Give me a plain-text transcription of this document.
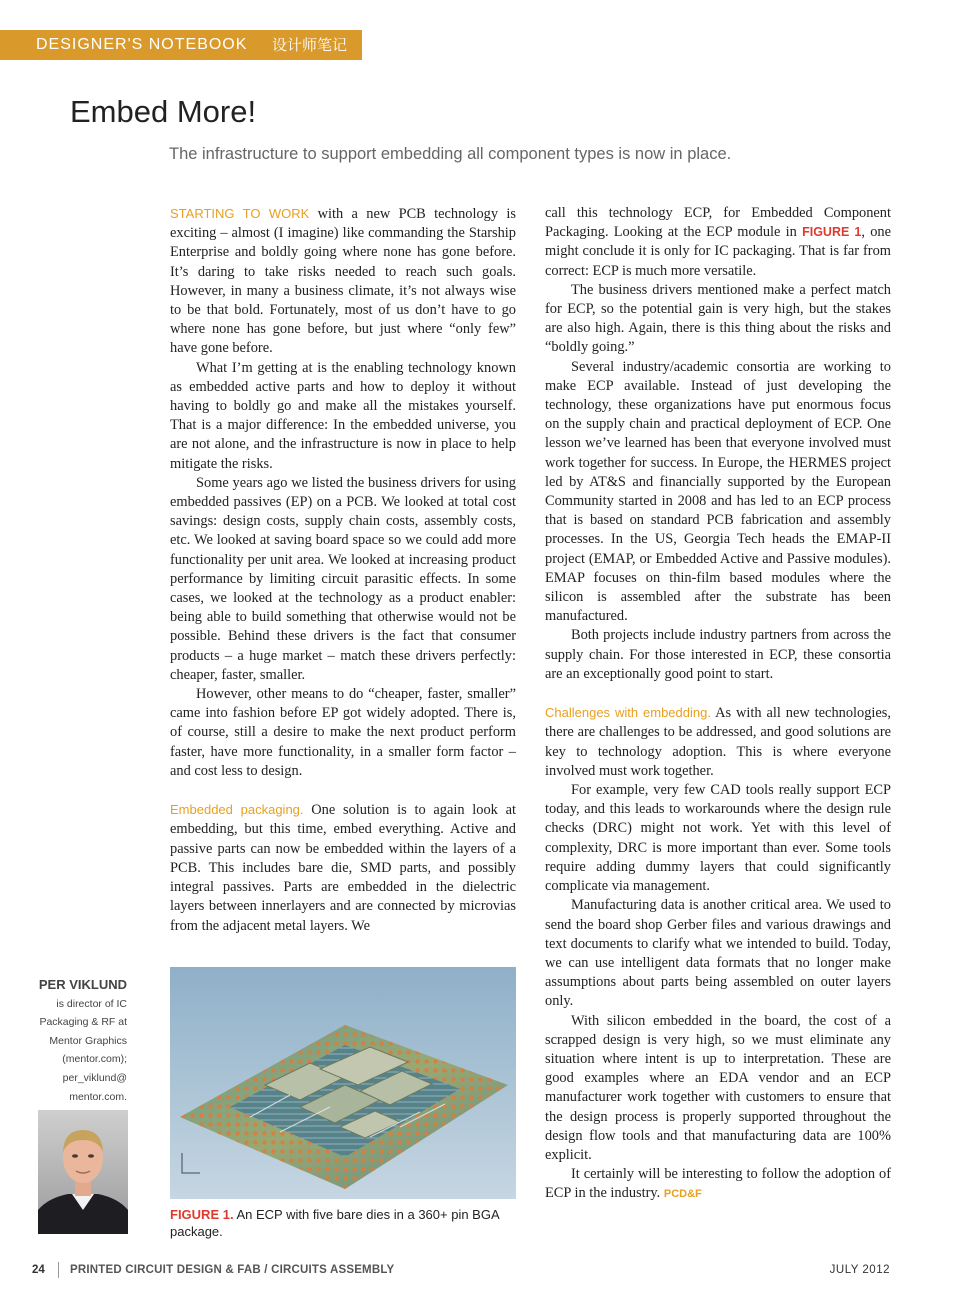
DESIGNER'S NOTEBOOK 设计师笔记
Embed More!
The infrastructure to support embedding all component types is now in place.

STARTING TO WORK with a new PCB technology is exciting – almost (I imagine) like commanding the Starship Enterprise and boldly going where none has gone before. It’s daring to take risks needed to reach such goals. However, in many a business climate, it’s not always wise to be that bold. Fortunately, most of us don’t have to go where none has gone before, but just where “only few” have gone before.

What I’m getting at is the enabling technology known as embedded active parts and how to deploy it without having to boldly go and make all the mistakes yourself. That is a major difference: In the embedded universe, you are not alone, and the infrastructure is now in place to help mitigate the risks.

Some years ago we listed the business drivers for using embedded passives (EP) on a PCB. We looked at total cost savings: design costs, supply chain costs, assembly costs, etc. We looked at saving board space so we could add more functionality per unit area. We looked at increasing product performance by limiting circuit parasitic effects. In some cases, we looked at the technology as a product enabler: being able to build something that otherwise would not be possible. Behind these drivers is the fact that consumer products – a huge market – match these drivers perfectly: cheaper, faster, smaller.

However, other means to do “cheaper, faster, smaller” came into fashion before EP got widely adopted. There is, of course, still a desire to make the next product perform faster, have more functionality, in a smaller form factor – and cost less to design.

Embedded packaging. One solution is to again look at embedding, but this time, embed everything. Active and passive parts can now be embedded within the layers of a PCB. This includes bare die, SMD parts, and possibly integral passives. Parts are embedded in the dielectric layers between innerlayers and are connected by microvias from the adjacent metal layers. We

call this technology ECP, for Embedded Component Packaging. Looking at the ECP module in FIGURE 1, one might conclude it is only for IC packaging. That is far from correct: ECP is much more versatile.

The business drivers mentioned make a perfect match for ECP, so the potential gain is very high, but the stakes are also high. Again, there is this thing about the risks and “boldly going.”

Several industry/academic consortia are working to make ECP available. Instead of just developing the technology, these organizations have put enormous focus on the supply chain and practical deployment of ECP. One lesson we’ve learned has been that everyone involved must work together for success. In Europe, the HERMES project led by AT&S and financially supported by the European Community started in 2008 and has led to an ECP process that is based on standard PCB fabrication and assembly processes. In the US, Georgia Tech heads the EMAP-II project (EMAP, or Embedded Active and Passive modules). EMAP focuses on thin-film based modules where the silicon is assembled after the substrate has been manufactured.

Both projects include industry partners from across the supply chain. For those interested in ECP, these consortia are an exceptionally good point to start.

Challenges with embedding. As with all new technologies, there are challenges to be addressed, and good solutions are key to technology adoption. This is where everyone involved must work together.

For example, very few CAD tools really support ECP today, and this leads to workarounds where the design rule checks (DRC) might not work. Yet with this level of complexity, DRC is more important than ever. Some tools require adding dummy layers that could significantly complicate via management.

Manufacturing data is another critical area. We used to send the board shop Gerber files and various drawings and text documents to clarify what we intended to build. Today, we can use intelligent data formats that no longer make assumptions about parts being assembled on outer layers only.

With silicon embedded in the board, the cost of a scrapped design is very high, so we must eliminate any situation where intent is up to interpretation. These are good examples where an EDA vendor and an ECP manufacturer work together with customers to ensure that the design process is properly supported throughout the design flow tools and that manufacturing data are 100% explicit.

It certainly will be interesting to follow the adoption of ECP in the industry. PCD&F

PER VIKLUND
is director of IC
Packaging & RF at
Mentor Graphics
(mentor.com);
per_viklund@
mentor.com.
FIGURE 1. An ECP with five bare dies in a 360+ pin BGA package.
24 PRINTED CIRCUIT DESIGN & FAB / CIRCUITS ASSEMBLY	JULY 2012
